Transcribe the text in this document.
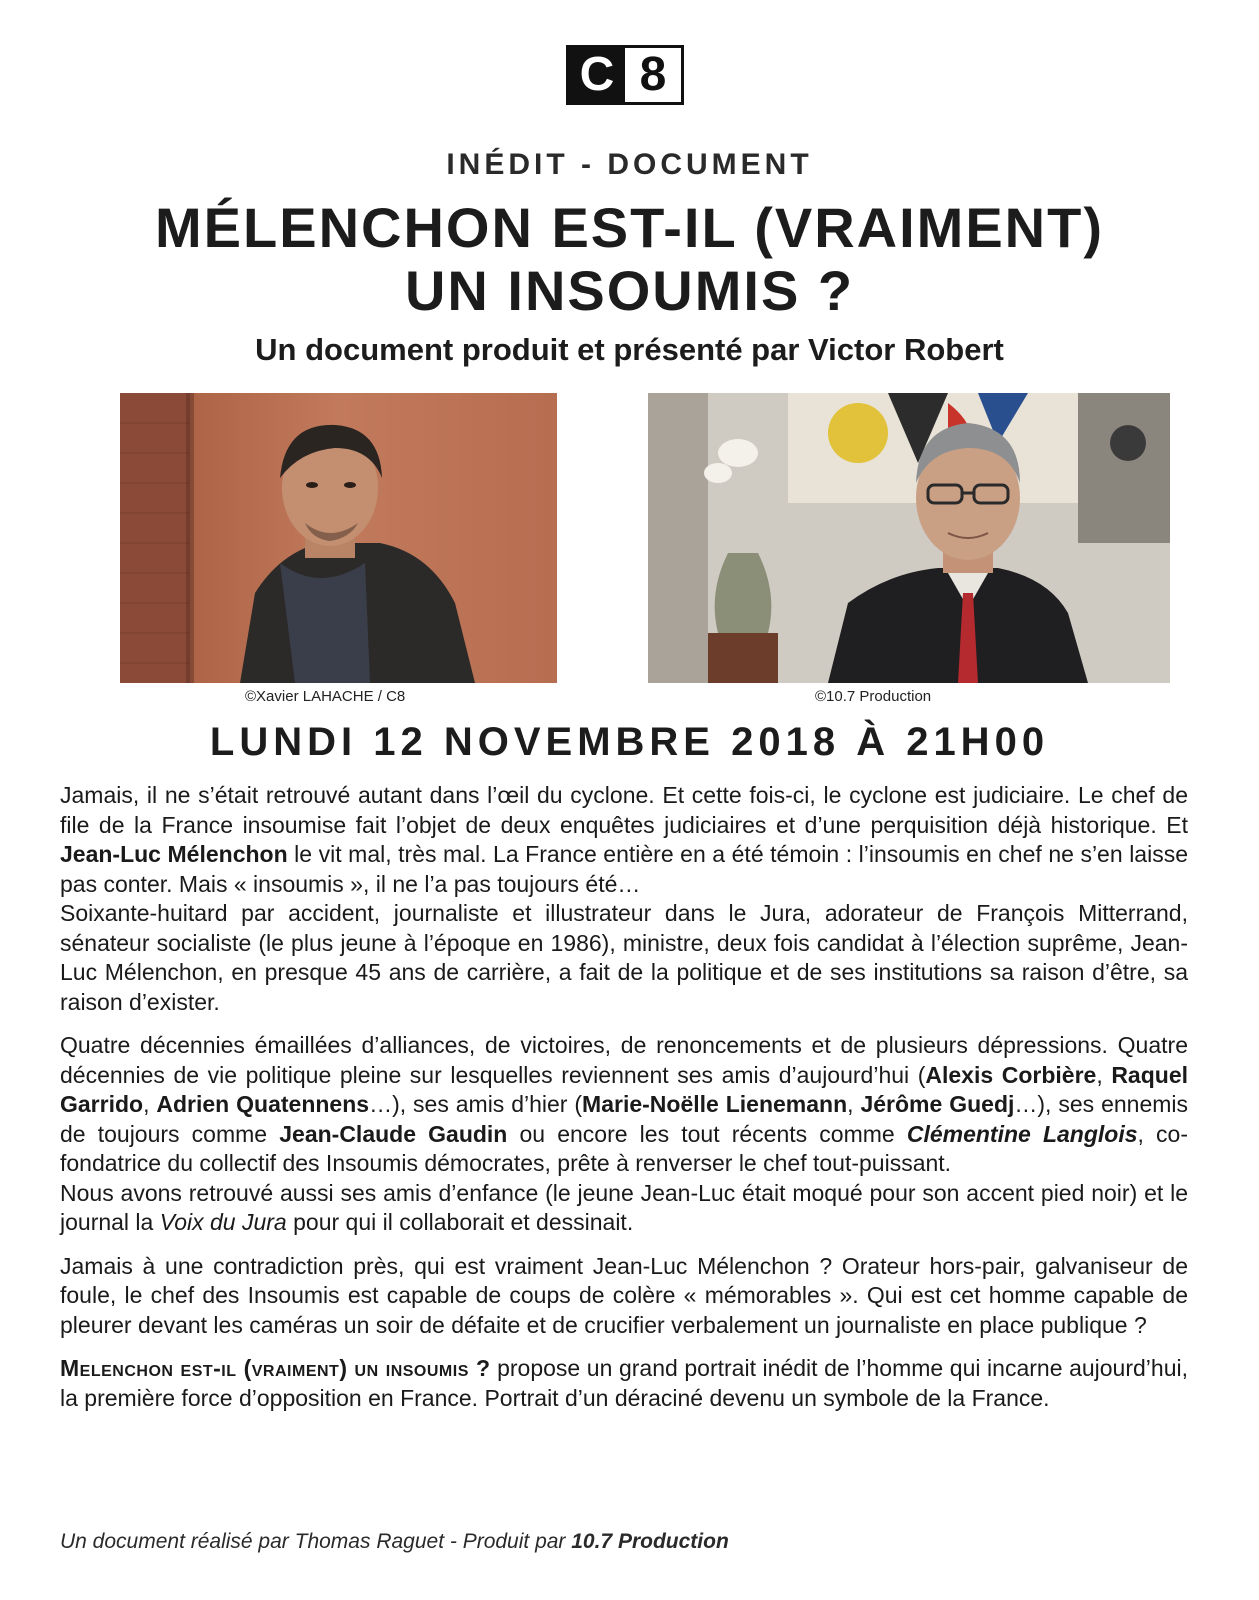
C 8
INÉDIT - DOCUMENT
MÉLENCHON EST-IL (VRAIMENT)
UN INSOUMIS ?
Un document produit et présenté par Victor Robert
©Xavier LAHACHE / C8	©10.7 Production
LUNDI 12 NOVEMBRE 2018 À 21H00

Jamais, il ne s’était retrouvé autant dans l’œil du cyclone. Et cette fois-ci, le cyclone est judiciaire. Le chef de file de la France insoumise fait l’objet de deux enquêtes judiciaires et d’une perquisition déjà historique. Et Jean-Luc Mélenchon le vit mal, très mal. La France entière en a été témoin : l’insoumis en chef ne s’en laisse pas conter. Mais « insoumis », il ne l’a pas toujours été…

Soixante-huitard par accident, journaliste et illustrateur dans le Jura, adorateur de François Mitterrand, sénateur socialiste (le plus jeune à l’époque en 1986), ministre, deux fois candidat à l’élection suprême, Jean-Luc Mélenchon, en presque 45 ans de carrière, a fait de la politique et de ses institutions sa raison d’être, sa raison d’exister.

Quatre décennies émaillées d’alliances, de victoires, de renoncements et de plusieurs dépressions. Quatre décennies de vie politique pleine sur lesquelles reviennent ses amis d’aujourd’hui (Alexis Corbière, Raquel Garrido, Adrien Quatennens…), ses amis d’hier (Marie-Noëlle Lienemann, Jérôme Guedj…), ses ennemis de toujours comme Jean-Claude Gaudin ou encore les tout récents comme Clémentine Langlois, co-fondatrice du collectif des Insoumis démocrates, prête à renverser le chef tout-puissant.
Nous avons retrouvé aussi ses amis d’enfance (le jeune Jean-Luc était moqué pour son accent pied noir) et le journal la Voix du Jura pour qui il collaborait et dessinait.

Jamais à une contradiction près, qui est vraiment Jean-Luc Mélenchon ? Orateur hors-pair, galvaniseur de foule, le chef des Insoumis est capable de coups de colère « mémorables ». Qui est cet homme capable de pleurer devant les caméras un soir de défaite et de crucifier verbalement un journaliste en place publique ?

Melenchon est-il (vraiment) un insoumis ? propose un grand portrait inédit de l’homme qui incarne aujourd’hui, la première force d’opposition en France. Portrait d’un déraciné devenu un symbole de la France.

Un document réalisé par Thomas Raguet - Produit par 10.7 Production
